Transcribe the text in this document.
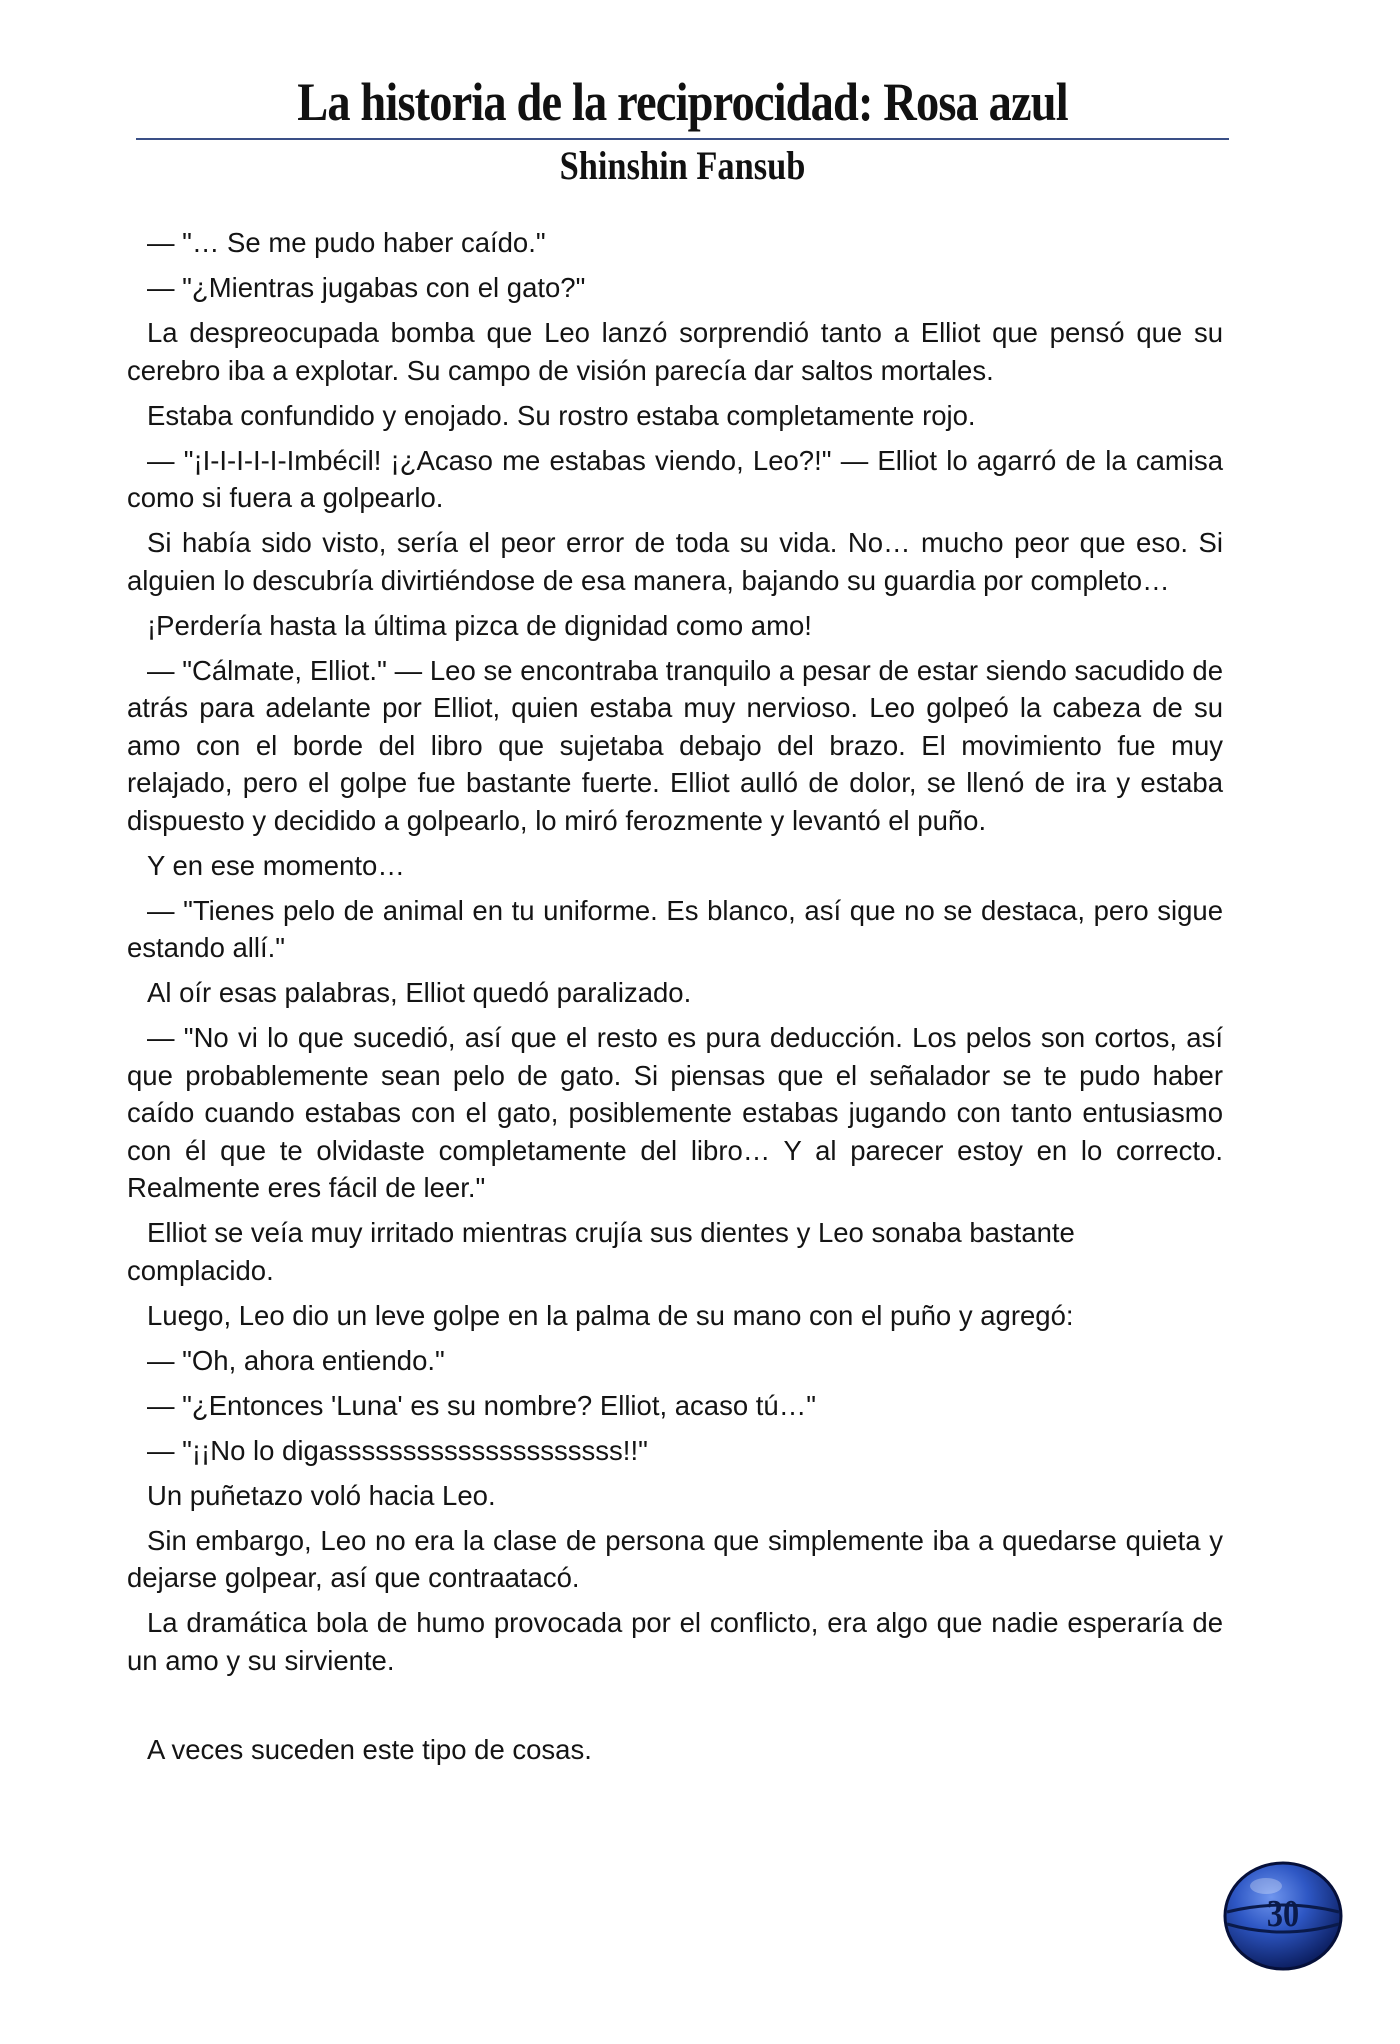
La historia de la reciprocidad: Rosa azul
Shinshin Fansub

— "… Se me pudo haber caído."

— "¿Mientras jugabas con el gato?"

La despreocupada bomba que Leo lanzó sorprendió tanto a Elliot que pensó que su cerebro iba a explotar. Su campo de visión parecía dar saltos mortales.

Estaba confundido y enojado. Su rostro estaba completamente rojo.

— "¡I-I-I-I-I-Imbécil! ¡¿Acaso me estabas viendo, Leo?!" — Elliot lo agarró de la camisa como si fuera a golpearlo.

Si había sido visto, sería el peor error de toda su vida. No… mucho peor que eso. Si alguien lo descubría divirtiéndose de esa manera, bajando su guardia por completo…

¡Perdería hasta la última pizca de dignidad como amo!

— "Cálmate, Elliot." — Leo se encontraba tranquilo a pesar de estar siendo sacudido de atrás para adelante por Elliot, quien estaba muy nervioso. Leo golpeó la cabeza de su amo con el borde del libro que sujetaba debajo del brazo. El movimiento fue muy relajado, pero el golpe fue bastante fuerte. Elliot aulló de dolor, se llenó de ira y estaba dispuesto y decidido a golpearlo, lo miró ferozmente y levantó el puño.

Y en ese momento…

— "Tienes pelo de animal en tu uniforme. Es blanco, así que no se destaca, pero sigue estando allí."

Al oír esas palabras, Elliot quedó paralizado.

— "No vi lo que sucedió, así que el resto es pura deducción. Los pelos son cortos, así que probablemente sean pelo de gato. Si piensas que el señalador se te pudo haber caído cuando estabas con el gato, posiblemente estabas jugando con tanto entusiasmo con él que te olvidaste completamente del libro… Y al parecer estoy en lo correcto. Realmente eres fácil de leer."

Elliot se veía muy irritado mientras crujía sus dientes y Leo sonaba bastante complacido.

Luego, Leo dio un leve golpe en la palma de su mano con el puño y agregó:

— "Oh, ahora entiendo."

— "¿Entonces 'Luna' es su nombre? Elliot, acaso tú…"

— "¡¡No lo digasssssssssssssssssssss!!"

Un puñetazo voló hacia Leo.

Sin embargo, Leo no era la clase de persona que simplemente iba a quedarse quieta y dejarse golpear, así que contraatacó.

La dramática bola de humo provocada por el conflicto, era algo que nadie esperaría de un amo y su sirviente.

A veces suceden este tipo de cosas.

30
